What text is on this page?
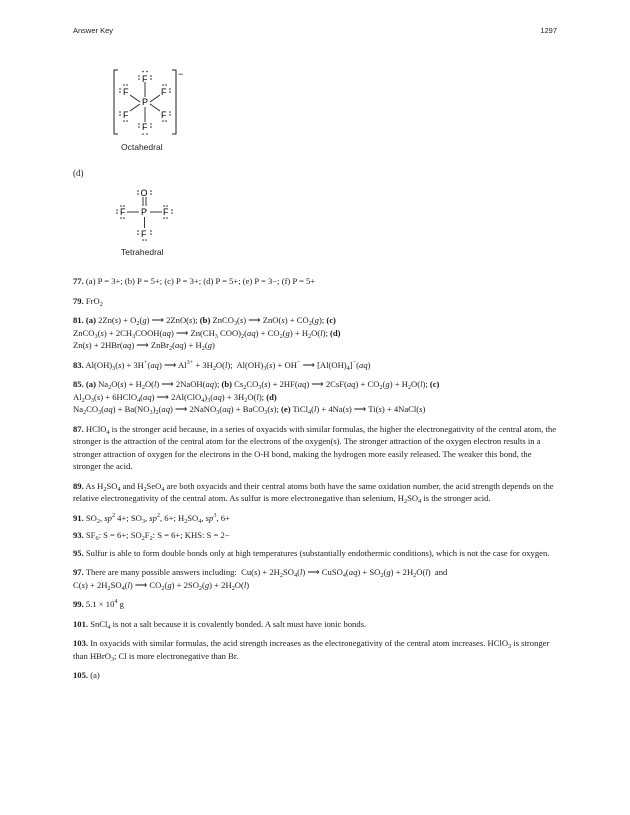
Answer Key	1297
−
P
F
F
F	F
F	F
Octahedral
(d)
P
O
F	F
F
Tetrahedral

77. (a) P = 3+; (b) P = 5+; (c) P = 3+; (d) P = 5+; (e) P = 3−; (f) P = 5+

79. FrO$_2$

81. (a) $2Zn(s) + O_2(g)$ ⟶ 2ZnO(s); (b) ZnCO$_3$(s) ⟶ $ZnO(s) + CO_2(g)$; (c)
ZnCO$_3$(s) + $2CH_3COOH(aq)$ ⟶ $Zn(CH_3$ $COO)_2(aq) + CO_2(g) + H_2O(l)$; (d)
Zn(s) + 2HBr(aq) ⟶ ZnBr$_2$(aq) + $H_2(g)$

83. $Al(OH)_3(s) + 3H^+(aq)$ ⟶ $Al^{3+} + 3H_2O(l)$;  $Al(OH)_3(s) + OH^-$ ⟶ $[Al(OH)_4]^-(aq)$

85. (a) $Na_2O(s) + H_2O(l)$ ⟶ 2NaOH(aq); (b) $Cs_2CO_3(s) + 2HF(aq)$ ⟶ $2CsF(aq) + CO_2(g) + H_2O(l)$; (c)
$Al_2O_3(s)$ + 6HClO$_4$(aq) ⟶ $2Al(ClO_4)_3(aq) + 3H_2O(l)$; (d)
$Na_2CO_3(aq) + Ba(NO_3)_2(aq)$ ⟶ 2NaNO$_3$(aq) + BaCO$_3$(s); (e) TiCl$_4$(l) + 4Na(s) ⟶ Ti(s) + 4NaCl(s)

87. HClO$_4$ is the stronger acid because, in a series of oxyacids with similar formulas, the higher the electronegativity of the central atom, the stronger is the attraction of the central atom for the electrons of the oxygen(s). The stronger attraction of the oxygen electron results in a stronger attraction of oxygen for the electrons in the O-H bond, making the hydrogen more easily released. The weaker this bond, the stronger the acid.

89. As $H_2SO_4$ and $H_2SeO_4$ are both oxyacids and their central atoms both have the same oxidation number, the acid strength depends on the relative electronegativity of the central atom. As sulfur is more electronegative than selenium, $H_2SO_4$ is the stronger acid.

91. $SO_2$, $sp^2$ 4+; $SO_3$, $sp^2$, 6+; $H_2SO_4$, $sp^3$, 6+

93. $SF_6$: S = 6+; $SO_2F_2$: S = 6+; KHS: S = 2−

95. Sulfur is able to form double bonds only at high temperatures (substantially endothermic conditions), which is not the case for oxygen.

97. There are many possible answers including:  $Cu(s) + 2H_2SO_4(l)$ ⟶ CuSO$_4$(aq) + $SO_2(g) + 2H_2O(l)$  and
$C(s) + 2H_2SO_4(l)$ ⟶ $CO_2(g) + 2SO_2(g) + 2H_2O(l)$

99. $5.1 \times 10^4$ g

101. SnCl$_4$ is not a salt because it is covalently bonded. A salt must have ionic bonds.

103. In oxyacids with similar formulas, the acid strength increases as the electronegativity of the central atom increases. HClO$_3$ is stronger than HBrO$_3$; Cl is more electronegative than Br.

105. (a)
